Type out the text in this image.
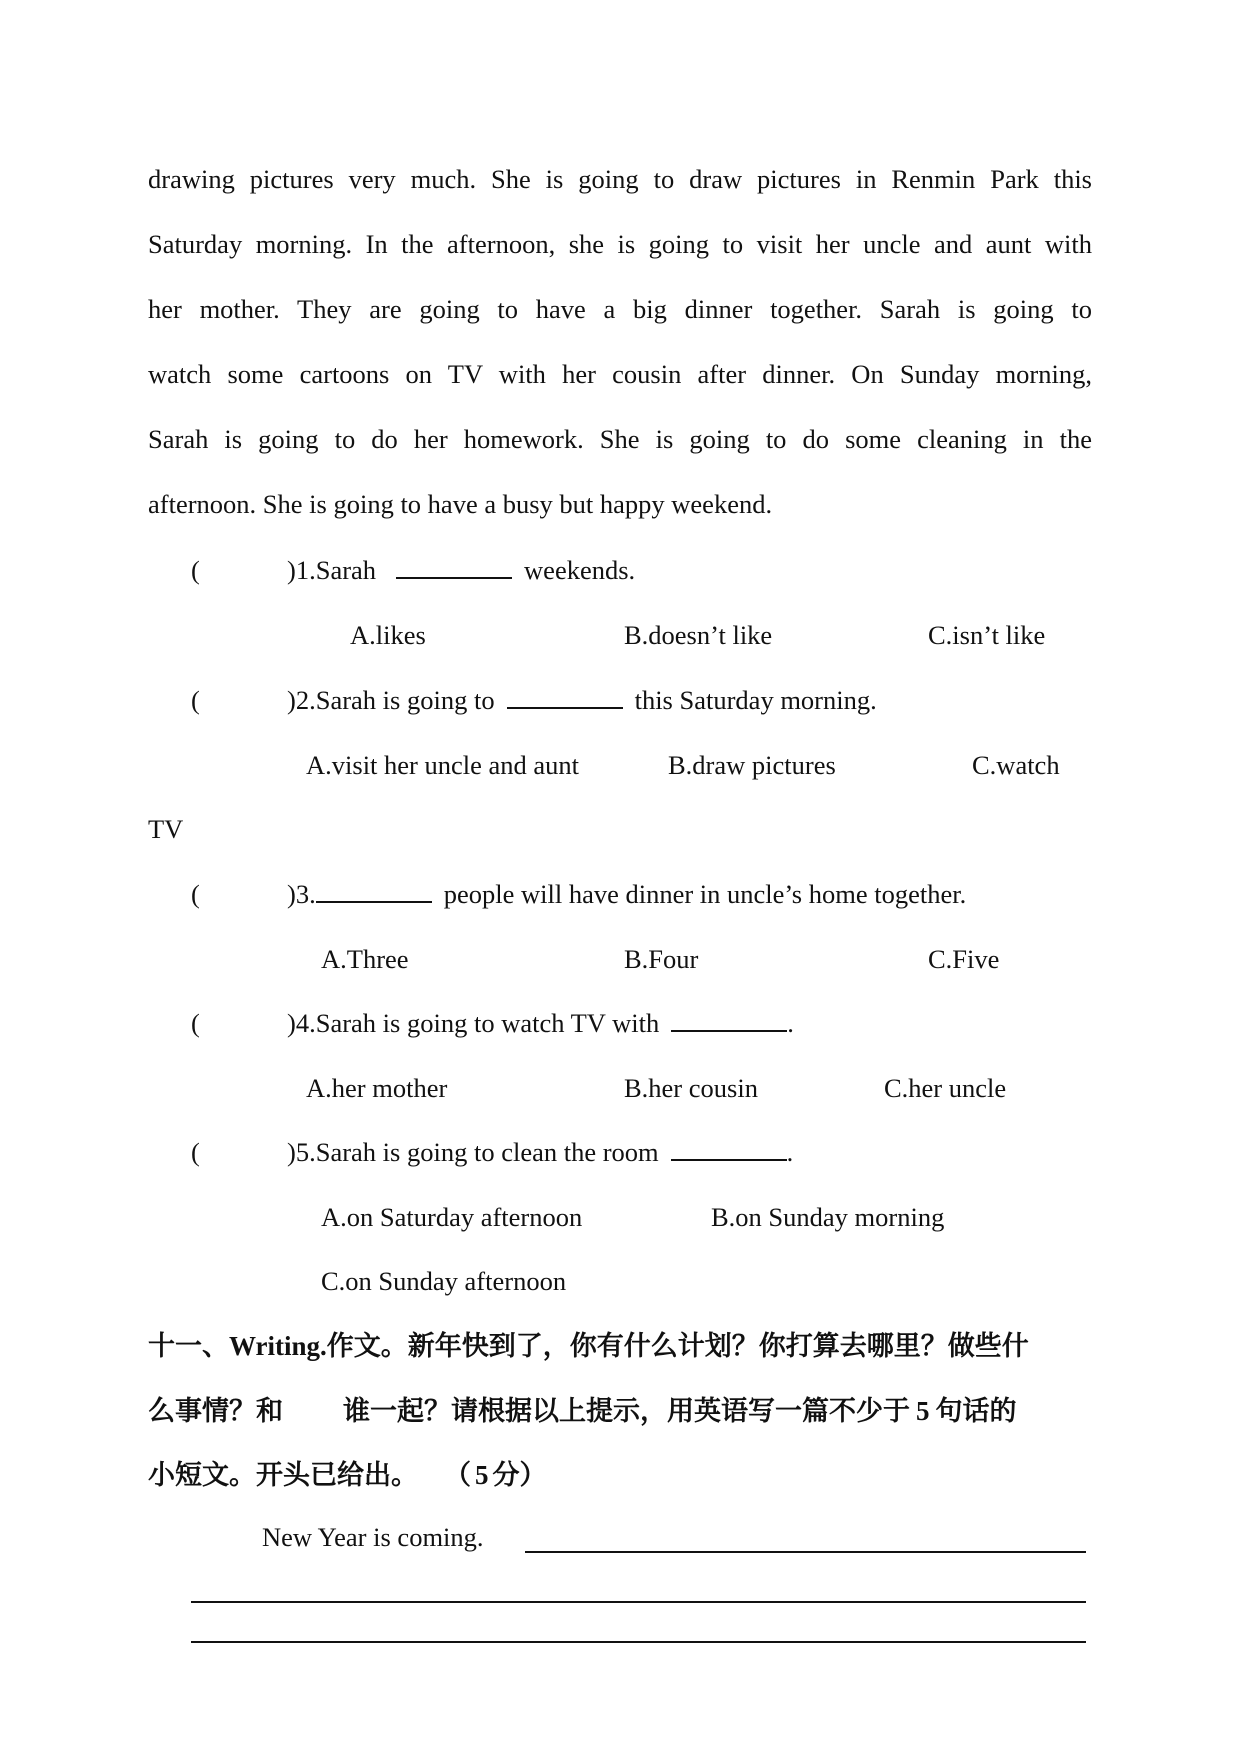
drawing pictures very much. She is going to draw pictures in Renmin Park this
Saturday morning. In the afternoon, she is going to visit her uncle and aunt with
her mother. They are going to have a big dinner together. Sarah is going to
watch some cartoons on TV with her cousin after dinner. On Sunday morning,
Sarah is going to do her homework. She is going to do some cleaning in the
afternoon. She is going to have a busy but happy weekend.
(	)1.Sarah	weekends.
A.likes	B.doesn’t like	C.isn’t like
(	)2.Sarah is going to	this Saturday morning.
A.visit her uncle and aunt	B.draw pictures	C.watch
TV
(	)3.	people will have dinner in uncle’s home together.
A.Three	B.Four	C.Five
(	)4.Sarah is going to watch TV with	.
A.her mother	B.her cousin	C.her uncle
(	)5.Sarah is going to clean the room	.
A.on Saturday afternoon	B.on Sunday morning
C.on Sunday afternoon
十一、Writing.作文。新年快到了，你有什么计划？你打算去哪里？做些什
么事情？和 谁一起？请根据以上提示，用英语写一篇不少于 5 句话的
小短文。开头已给出。 （ 5 分）
New Year is coming.
